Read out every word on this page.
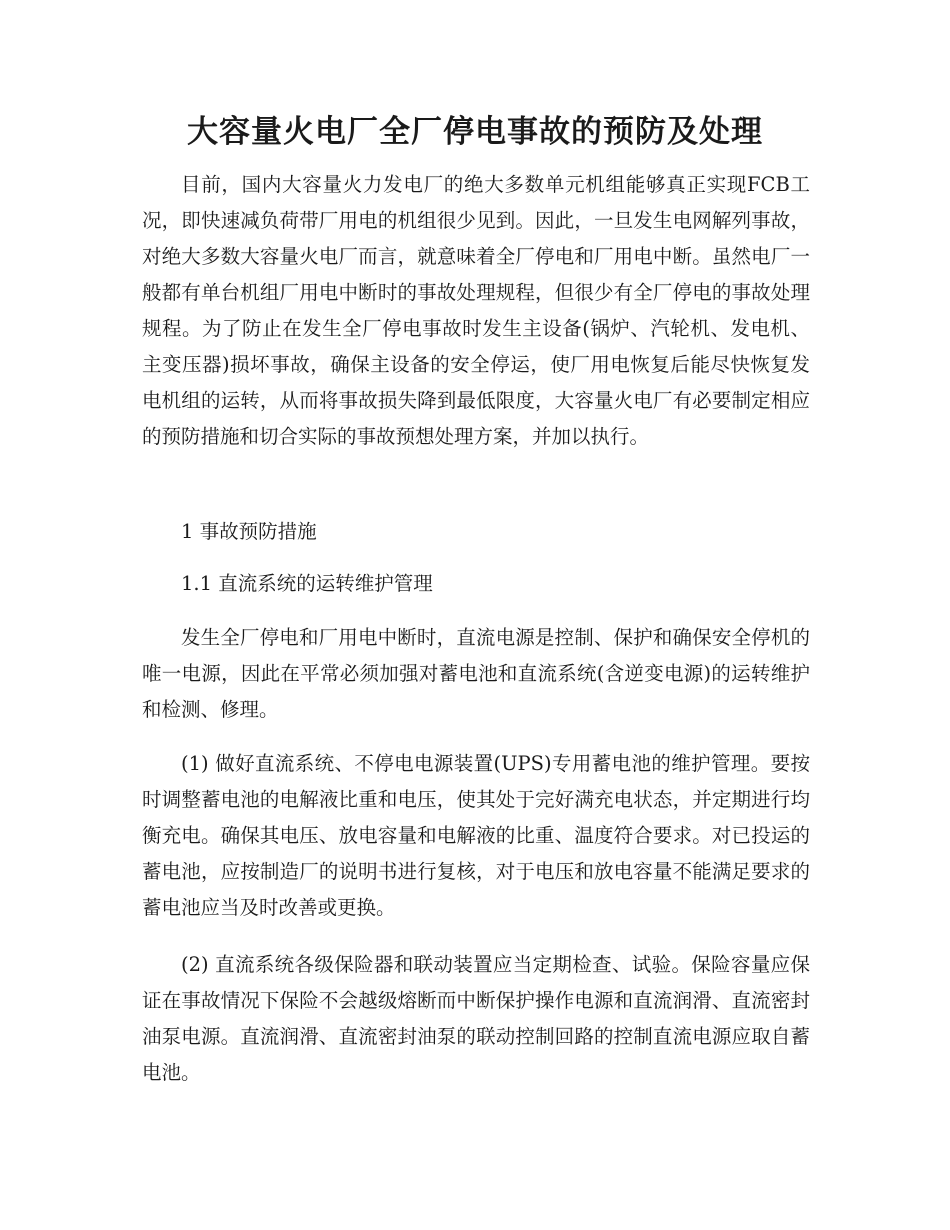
大容量火电厂全厂停电事故的预防及处理

目前，国内大容量火力发电厂的绝大多数单元机组能够真正实现FCB工况，即快速减负荷带厂用电的机组很少见到。因此，一旦发生电网解列事故，对绝大多数大容量火电厂而言，就意味着全厂停电和厂用电中断。虽然电厂一般都有单台机组厂用电中断时的事故处理规程，但很少有全厂停电的事故处理规程。为了防止在发生全厂停电事故时发生主设备(锅炉、汽轮机、发电机、主变压器)损坏事故，确保主设备的安全停运，使厂用电恢复后能尽快恢复发电机组的运转，从而将事故损失降到最低限度，大容量火电厂有必要制定相应的预防措施和切合实际的事故预想处理方案，并加以执行。

1 事故预防措施

1.1 直流系统的运转维护管理

发生全厂停电和厂用电中断时，直流电源是控制、保护和确保安全停机的唯一电源，因此在平常必须加强对蓄电池和直流系统(含逆变电源)的运转维护和检测、修理。

(1) 做好直流系统、不停电电源装置(UPS)专用蓄电池的维护管理。要按时调整蓄电池的电解液比重和电压，使其处于完好满充电状态，并定期进行均衡充电。确保其电压、放电容量和电解液的比重、温度符合要求。对已投运的蓄电池，应按制造厂的说明书进行复核，对于电压和放电容量不能满足要求的蓄电池应当及时改善或更换。

(2) 直流系统各级保险器和联动装置应当定期检查、试验。保险容量应保证在事故情况下保险不会越级熔断而中断保护操作电源和直流润滑、直流密封油泵电源。直流润滑、直流密封油泵的联动控制回路的控制直流电源应取自蓄电池。
